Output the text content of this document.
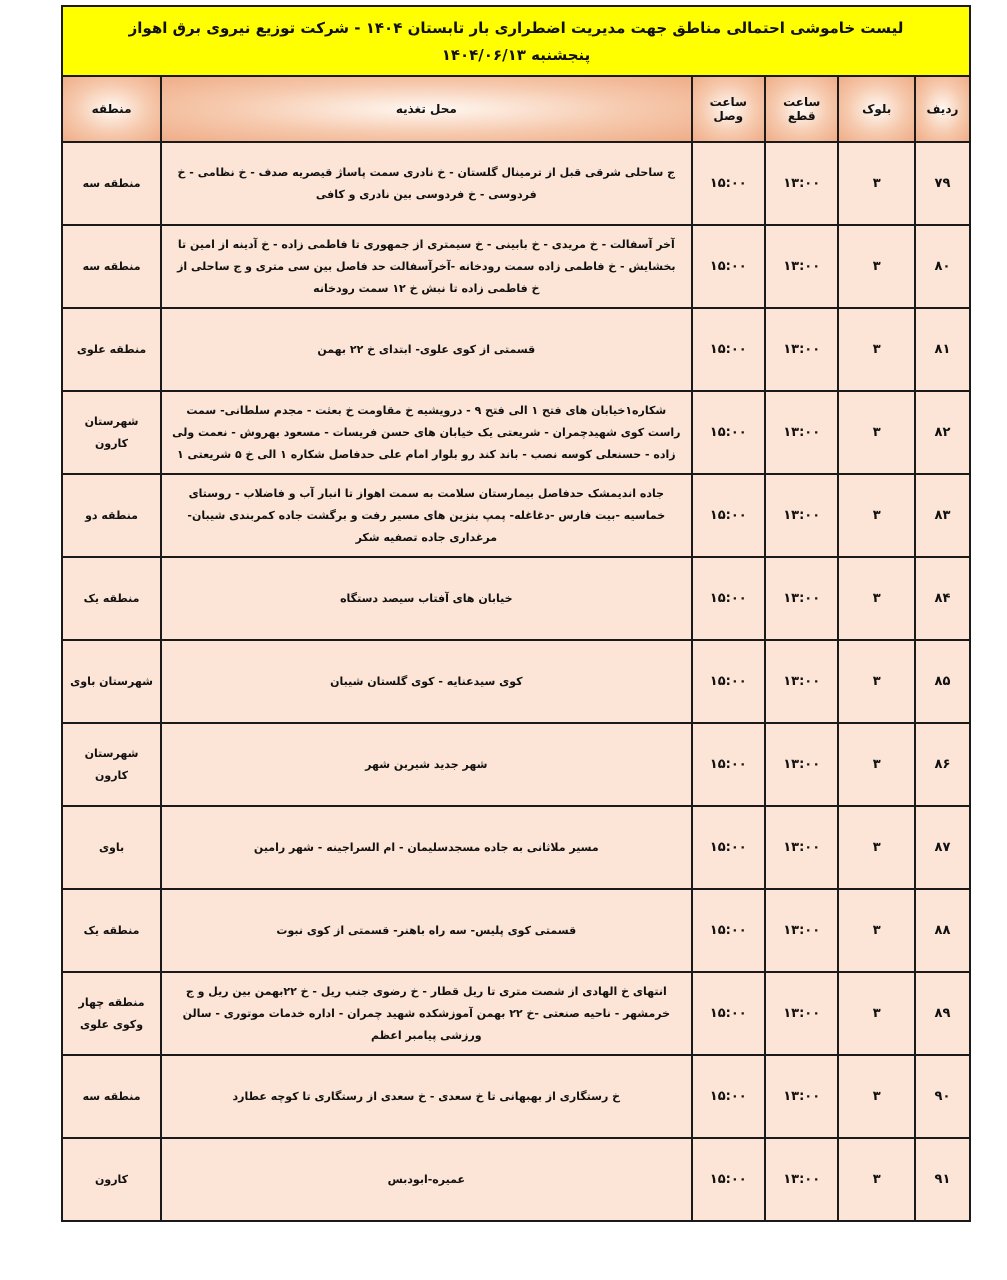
لیست خاموشی احتمالی مناطق جهت مدیریت اضطراری بار تابستان ۱۴۰۴ - شرکت توزیع نیروی برق اهواز
پنجشنبه ۱۴۰۴/۰۶/۱۳					

ردیف	بلوک	ساعت قطع	ساعت وصل	محل تغذیه	منطقه
۷۹	۳	۱۳:۰۰	۱۵:۰۰	ج ساحلی شرقی قبل از ترمینال گلستان - خ نادری سمت پاساژ قیصریه صدف - خ نظامی - خ فردوسی - خ فردوسی بین نادری و کافی	منطقه سه
۸۰	۳	۱۳:۰۰	۱۵:۰۰	آخر آسفالت - خ مریدی - خ بابینی - خ سیمتری از جمهوری تا فاطمی زاده - خ آدینه از امین تا بخشایش - خ فاطمی زاده سمت رودخانه -آخرآسفالت حد فاصل بین سی متری و ج ساحلی از خ فاطمی زاده تا نبش خ ۱۲ سمت رودخانه	منطقه سه
۸۱	۳	۱۳:۰۰	۱۵:۰۰	قسمتی از کوی علوی- ابتدای خ ۲۲ بهمن	منطقه علوی
۸۲	۳	۱۳:۰۰	۱۵:۰۰	شکاره۱خیابان های فتح ۱ الی فتح ۹ - درویشیه خ مقاومت خ بعثت - مجدم سلطانی- سمت راست کوی شهیدچمران - شریعتی یک خیابان های حسن فریسات - مسعود بهروش - نعمت ولی زاده - حسنعلی کوسه نصب - باند کند رو بلوار امام علی حدفاصل شکاره ۱ الی خ ۵ شریعتی ۱	شهرستان کارون
۸۳	۳	۱۳:۰۰	۱۵:۰۰	جاده اندیمشک حدفاصل بیمارستان سلامت به سمت اهواز تا انبار آب و فاضلاب - روستای خماسیه -بیت فارس -دغاغله- پمپ بنزین های مسیر رفت و برگشت جاده کمربندی شیبان- مرغداری جاده تصفیه شکر	منطقه دو
۸۴	۳	۱۳:۰۰	۱۵:۰۰	خیابان های آفتاب سیصد دستگاه	منطقه یک
۸۵	۳	۱۳:۰۰	۱۵:۰۰	کوی سیدعنایه - کوی گلستان شیبان	شهرستان باوی
۸۶	۳	۱۳:۰۰	۱۵:۰۰	شهر جدید شیرین شهر	شهرستان کارون
۸۷	۳	۱۳:۰۰	۱۵:۰۰	مسیر ملاثانی به جاده مسجدسلیمان - ام السراجینه - شهر رامین	باوی
۸۸	۳	۱۳:۰۰	۱۵:۰۰	قسمتی کوی پلیس- سه راه باهنر- قسمتی از کوی نبوت	منطقه یک
۸۹	۳	۱۳:۰۰	۱۵:۰۰	انتهای خ الهادی از شصت متری تا ریل قطار - خ رضوی جنب ریل - خ ۲۲بهمن بین ریل و ج خرمشهر - ناحیه صنعتی -خ ۲۲ بهمن آموزشکده شهید چمران - اداره خدمات موتوری - سالن ورزشی پیامبر اعظم	منطقه چهار وکوی علوی
۹۰	۳	۱۳:۰۰	۱۵:۰۰	خ رستگاری از بهبهانی تا خ سعدی - خ سعدی از رستگاری تا کوچه عطارد	منطقه سه
۹۱	۳	۱۳:۰۰	۱۵:۰۰	عمیره-ابودبس	کارون
